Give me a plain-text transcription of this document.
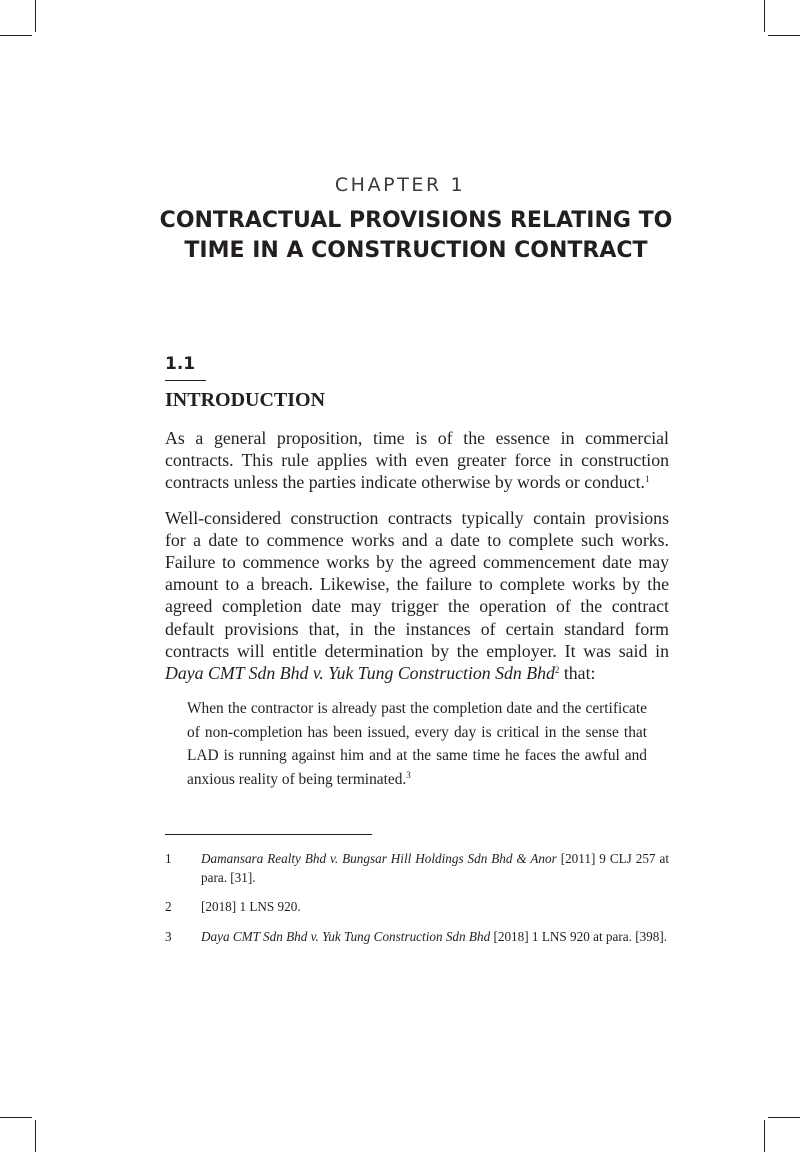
CHAPTER 1
CONTRACTUAL PROVISIONS RELATING TO TIME IN A CONSTRUCTION CONTRACT
1.1
INTRODUCTION

As a general proposition, time is of the essence in commercial contracts. This rule applies with even greater force in construction contracts unless the parties indicate otherwise by words or conduct.$^1$

Well-considered construction contracts typically contain provisions for a date to commence works and a date to complete such works. Failure to commence works by the agreed commencement date may amount to a breach. Likewise, the failure to complete works by the agreed completion date may trigger the operation of the contract default provisions that, in the instances of certain standard form contracts will entitle determination by the employer. It was said in Daya CMT Sdn Bhd v. Yuk Tung Construction Sdn Bhd$^2$ that:

When the contractor is already past the completion date and the certificate of non-completion has been issued, every day is critical in the sense that LAD is running against him and at the same time he faces the awful and anxious reality of being terminated.$^3$

1	Damansara Realty Bhd v. Bungsar Hill Holdings Sdn Bhd & Anor [2011] 9 CLJ 257 at para. [31].
2	[2018] 1 LNS 920.
3	Daya CMT Sdn Bhd v. Yuk Tung Construction Sdn Bhd [2018] 1 LNS 920 at para. [398].
